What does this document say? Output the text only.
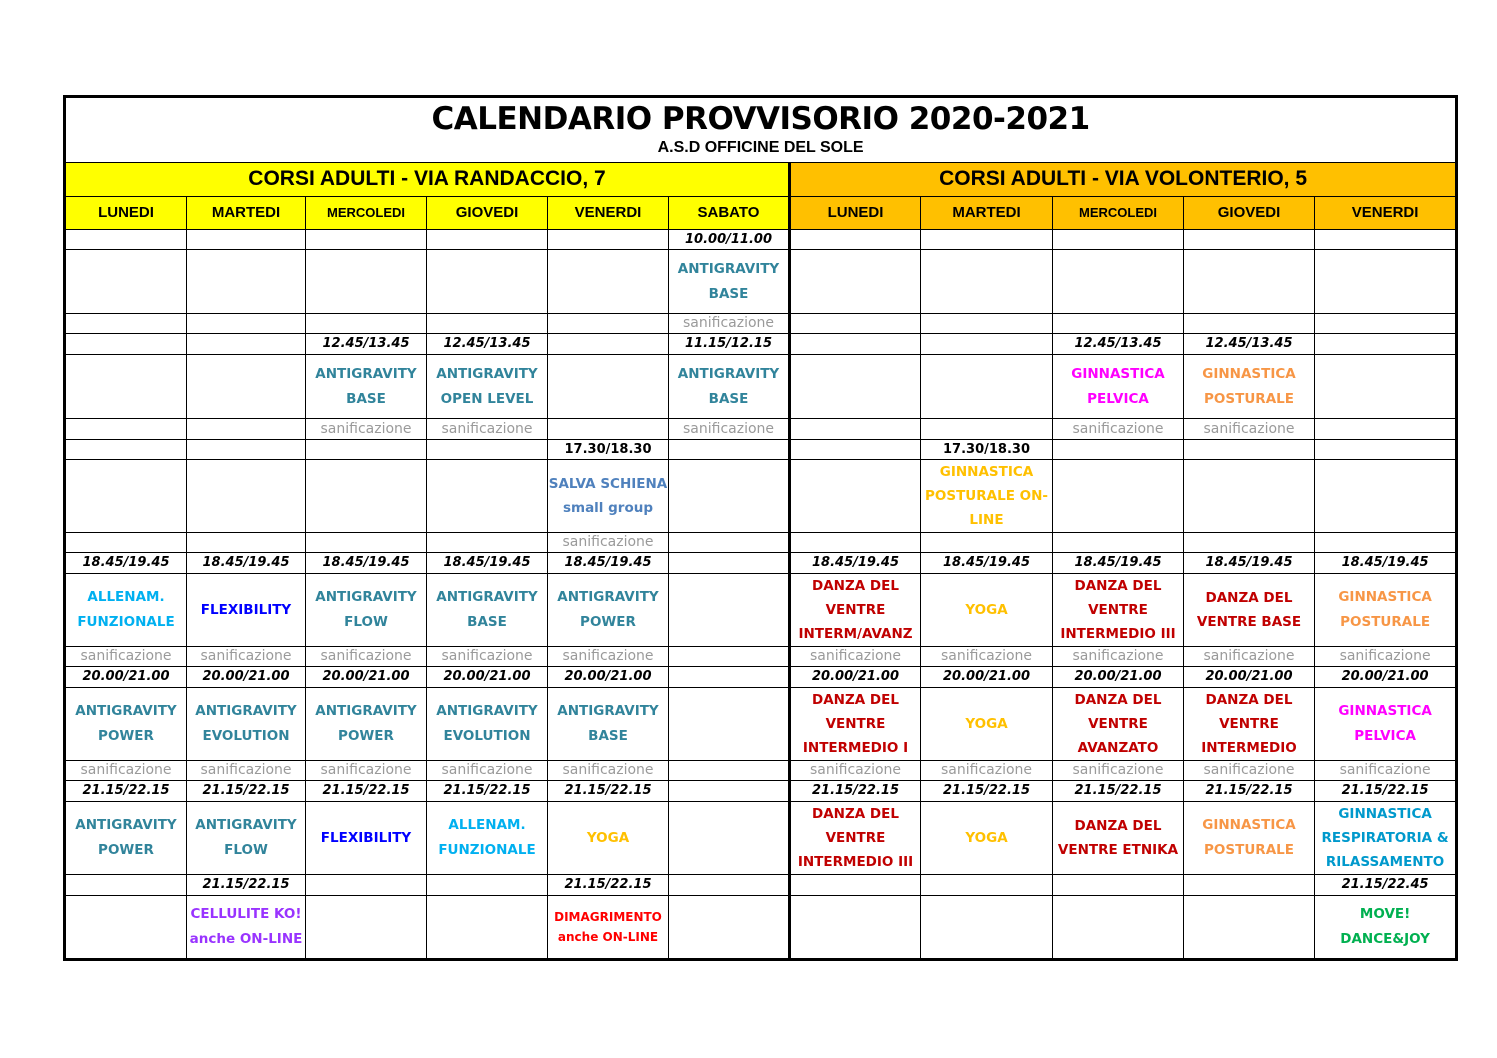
CALENDARIO PROVVISORIO 2020-2021										
A.S.D OFFICINE DEL SOLE										
CORSI ADULTI - VIA RANDACCIO, 7						CORSI ADULTI - VIA VOLONTERIO, 5				
LUNEDI	MARTEDI	MERCOLEDI	GIOVEDI	VENERDI	SABATO	LUNEDI	MARTEDI	MERCOLEDI	GIOVEDI	VENERDI
					10.00/11.00					
					ANTIGRAVITY BASE					
					sanificazione					
		12.45/13.45	12.45/13.45		11.15/12.15			12.45/13.45	12.45/13.45	
		ANTIGRAVITY BASE	ANTIGRAVITY OPEN LEVEL		ANTIGRAVITY BASE			GINNASTICA PELVICA	GINNASTICA POSTURALE	
		sanificazione	sanificazione		sanificazione			sanificazione	sanificazione	
				17.30/18.30			17.30/18.30			
				SALVA SCHIENA small group			GINNASTICA POSTURALE ON-LINE			
				sanificazione						
18.45/19.45	18.45/19.45	18.45/19.45	18.45/19.45	18.45/19.45		18.45/19.45	18.45/19.45	18.45/19.45	18.45/19.45	18.45/19.45
ALLENAM. FUNZIONALE	FLEXIBILITY	ANTIGRAVITY FLOW	ANTIGRAVITY BASE	ANTIGRAVITY POWER		DANZA DEL VENTRE INTERM/AVANZ	YOGA	DANZA DEL VENTRE INTERMEDIO III	DANZA DEL VENTRE BASE	GINNASTICA POSTURALE
sanificazione	sanificazione	sanificazione	sanificazione	sanificazione		sanificazione	sanificazione	sanificazione	sanificazione	sanificazione
20.00/21.00	20.00/21.00	20.00/21.00	20.00/21.00	20.00/21.00		20.00/21.00	20.00/21.00	20.00/21.00	20.00/21.00	20.00/21.00
ANTIGRAVITY POWER	ANTIGRAVITY EVOLUTION	ANTIGRAVITY POWER	ANTIGRAVITY EVOLUTION	ANTIGRAVITY BASE		DANZA DEL VENTRE INTERMEDIO I	YOGA	DANZA DEL VENTRE AVANZATO	DANZA DEL VENTRE INTERMEDIO	GINNASTICA PELVICA
sanificazione	sanificazione	sanificazione	sanificazione	sanificazione		sanificazione	sanificazione	sanificazione	sanificazione	sanificazione
21.15/22.15	21.15/22.15	21.15/22.15	21.15/22.15	21.15/22.15		21.15/22.15	21.15/22.15	21.15/22.15	21.15/22.15	21.15/22.15
ANTIGRAVITY POWER	ANTIGRAVITY FLOW	FLEXIBILITY	ALLENAM. FUNZIONALE	YOGA		DANZA DEL VENTRE INTERMEDIO III	YOGA	DANZA DEL VENTRE ETNIKA	GINNASTICA POSTURALE	GINNASTICA RESPIRATORIA & RILASSAMENTO
	21.15/22.15			21.15/22.15						21.15/22.45
	CELLULITE KO! anche ON-LINE			DIMAGRIMENTO anche ON-LINE						MOVE! DANCE&JOY
